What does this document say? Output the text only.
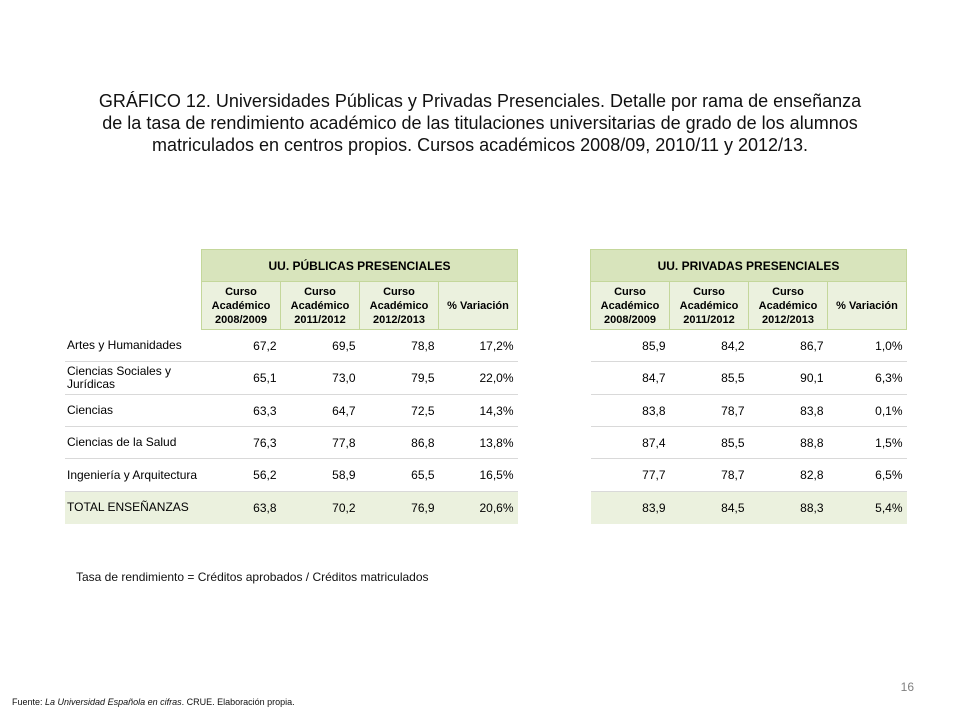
GRÁFICO 12. Universidades Públicas y Privadas Presenciales. Detalle por rama de enseñanza de la tasa de rendimiento académico de las titulaciones universitarias de grado de los alumnos matriculados en centros propios. Cursos académicos 2008/09, 2010/11 y 2012/13.
	UU. PÚBLICAS PRESENCIALES					UU. PRIVADAS PRESENCIALES			
	Curso Académico 2008/2009	Curso Académico 2011/2012	Curso Académico 2012/2013	% Variación		Curso Académico 2008/2009	Curso Académico 2011/2012	Curso Académico 2012/2013	% Variación
Artes y Humanidades	67,2	69,5	78,8	17,2%		85,9	84,2	86,7	1,0%
Ciencias Sociales y Jurídicas	65,1	73,0	79,5	22,0%		84,7	85,5	90,1	6,3%
Ciencias	63,3	64,7	72,5	14,3%		83,8	78,7	83,8	0,1%
Ciencias de la Salud	76,3	77,8	86,8	13,8%		87,4	85,5	88,8	1,5%
Ingeniería y Arquitectura	56,2	58,9	65,5	16,5%		77,7	78,7	82,8	6,5%
TOTAL ENSEÑANZAS	63,8	70,2	76,9	20,6%		83,9	84,5	88,3	5,4%
Tasa de rendimiento = Créditos aprobados / Créditos matriculados
Fuente: La Universidad Española en cifras. CRUE. Elaboración propia.
16
